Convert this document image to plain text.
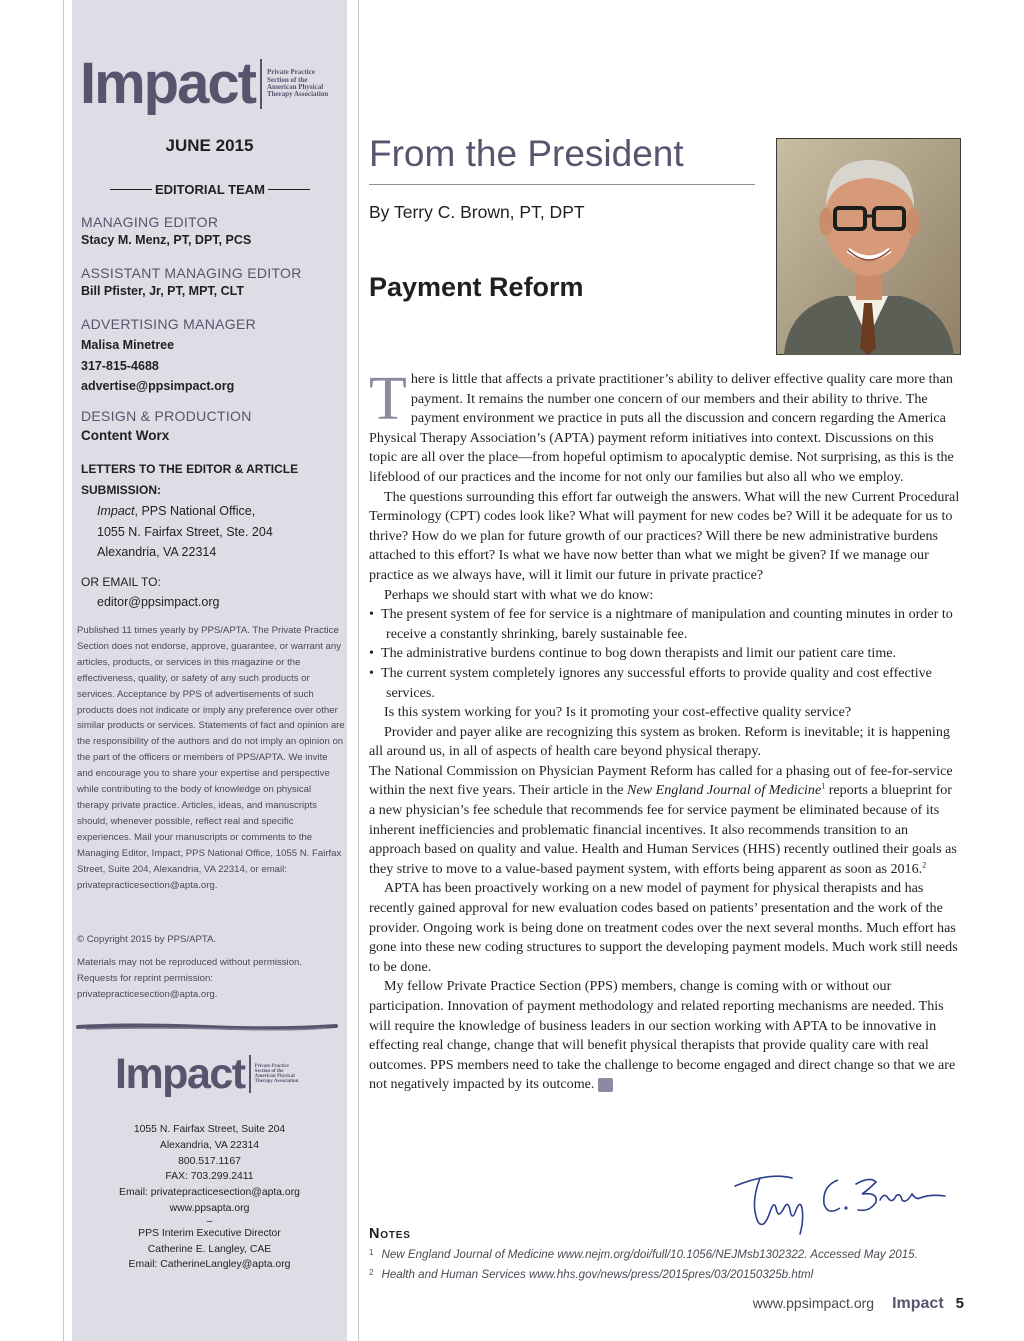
Impact Private Practice
Section of the
American Physical
Therapy Association
JUNE 2015
EDITORIAL TEAM
MANAGING EDITOR
Stacy M. Menz, PT, DPT, PCS
ASSISTANT MANAGING EDITOR
Bill Pfister, Jr, PT, MPT, CLT
ADVERTISING MANAGER
Malisa Minetree
317-815-4688
advertise@ppsimpact.org
DESIGN & PRODUCTION
Content Worx
LETTERS TO THE EDITOR & ARTICLE
SUBMISSION:
Impact, PPS National Office,
1055 N. Fairfax Street, Ste. 204
Alexandria, VA 22314
OR EMAIL TO:
editor@ppsimpact.org
Published 11 times yearly by PPS/APTA. The Private Practice Section does not endorse, approve, guarantee, or warrant any articles, products, or services in this magazine or the effectiveness, quality, or safety of any such products or services. Acceptance by PPS of advertisements of such products does not indicate or imply any preference over other similar products or services. Statements of fact and opinion are the responsibility of the authors and do not imply an opinion on the part of the officers or members of PPS/APTA. We invite and encourage you to share your expertise and perspective while contributing to the body of knowledge on physical therapy private practice. Articles, ideas, and manuscripts should, whenever possible, reflect real and specific experiences. Mail your manuscripts or comments to the Managing Editor, Impact, PPS National Office, 1055 N. Fairfax Street, Suite 204, Alexandria, VA 22314, or email: privatepracticesection@apta.org.
© Copyright 2015 by PPS/APTA.
Materials may not be reproduced without permission. Requests for reprint permission: privatepracticesection@apta.org.
Impact Private Practice
Section of the
American Physical
Therapy Association
1055 N. Fairfax Street, Suite 204
Alexandria, VA 22314
800.517.1167
FAX: 703.299.2411
Email: privatepracticesection@apta.org
www.ppsapta.org
–
PPS Interim Executive Director
Catherine E. Langley, CAE
Email: CatherineLangley@apta.org
From the President
By Terry C. Brown, PT, DPT
Payment Reform

There is little that affects a private practitioner’s ability to deliver effective quality care more than payment. It remains the number one concern of our members and their ability to thrive. The payment environment we practice in puts all the discussion and concern regarding the America Physical Therapy Association’s (APTA) payment reform initiatives into context. Discussions on this topic are all over the place—from hopeful optimism to apocalyptic demise. Not surprising, as this is the lifeblood of our practices and the income for not only our families but also all who we employ.

The questions surrounding this effort far outweigh the answers. What will the new Current Procedural Terminology (CPT) codes look like? What will payment for new codes be? Will it be adequate for us to thrive? How do we plan for future growth of our practices? Will there be new administrative burdens attached to this effort? Is what we have now better than what we might be given? If we manage our practice as we always have, will it limit our future in private practice?

Perhaps we should start with what we do know:

•  The present system of fee for service is a nightmare of manipulation and counting minutes in order to receive a constantly shrinking, barely sustainable fee.

•  The administrative burdens continue to bog down therapists and limit our patient care time.

•  The current system completely ignores any successful efforts to provide quality and cost effective services.

Is this system working for you? Is it promoting your cost-effective quality service?

Provider and payer alike are recognizing this system as broken. Reform is inevitable; it is happening all around us, in all of aspects of health care beyond physical therapy.

The National Commission on Physician Payment Reform has called for a phasing out of fee-for-service within the next five years. Their article in the New England Journal of Medicine$^1$ reports a blueprint for a new physician’s fee schedule that recommends fee for service payment be eliminated because of its inherent inefficiencies and problematic financial incentives. It also recommends transition to an approach based on quality and value. Health and Human Services (HHS) recently outlined their goals as they strive to move to a value-based payment system, with efforts being apparent as soon as 2016.$^2$

APTA has been proactively working on a new model of payment for physical therapists and has recently gained approval for new evaluation codes based on patients’ presentation and the work of the provider. Ongoing work is being done on treatment codes over the next several months. Much effort has gone into these new coding structures to support the developing payment models. Much work still needs to be done.

My fellow Private Practice Section (PPS) members, change is coming with or without our participation. Innovation of payment methodology and related reporting mechanisms are needed. This will require the knowledge of business leaders in our section working with APTA to be innovative in effecting real change, change that will benefit physical therapists that provide quality care with real outcomes. PPS members need to take the challenge to become engaged and direct change so that we are not negatively impacted by its outcome. I

Notes
$^1$ New England Journal of Medicine www.nejm.org/doi/full/10.1056/NEJMsb1302322. Accessed May 2015.
$^2$ Health and Human Services www.hhs.gov/news/press/2015pres/03/20150325b.html
www.ppsimpact.org Impact 5
